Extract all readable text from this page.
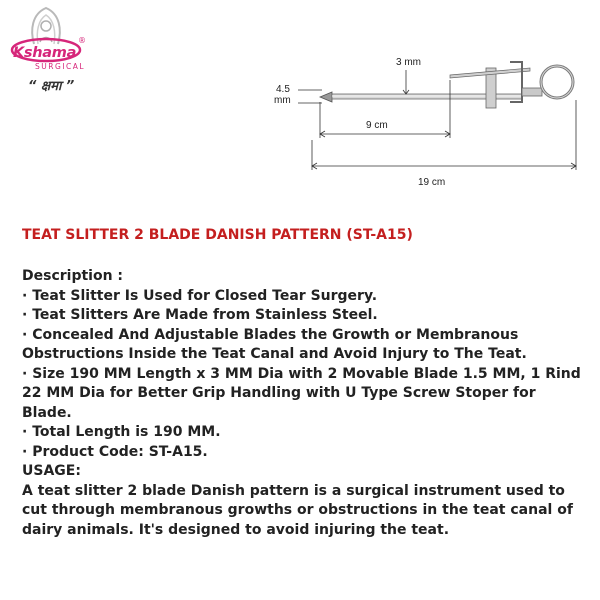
Kshama
®
SURGICAL
“ क्षमा ”
3 mm
4.5
mm
9 cm
19 cm
TEAT SLITTER 2 BLADE DANISH PATTERN (ST-A15)

Description :

· Teat Slitter Is Used for Closed Tear Surgery.

· Teat Slitters Are Made from Stainless Steel.

· Concealed And Adjustable Blades the Growth or Membranous Obstructions Inside the Teat Canal and Avoid Injury to The Teat.

· Size 190 MM Length x 3 MM Dia with 2 Movable Blade 1.5 MM, 1 Rind 22 MM Dia for Better Grip Handling with U Type Screw Stoper for Blade.

· Total Length is 190 MM.

· Product Code: ST-A15.

USAGE:

A teat slitter 2 blade Danish pattern is a surgical instrument used to cut through membranous growths or obstructions in the teat canal of dairy animals. It's designed to avoid injuring the teat.
